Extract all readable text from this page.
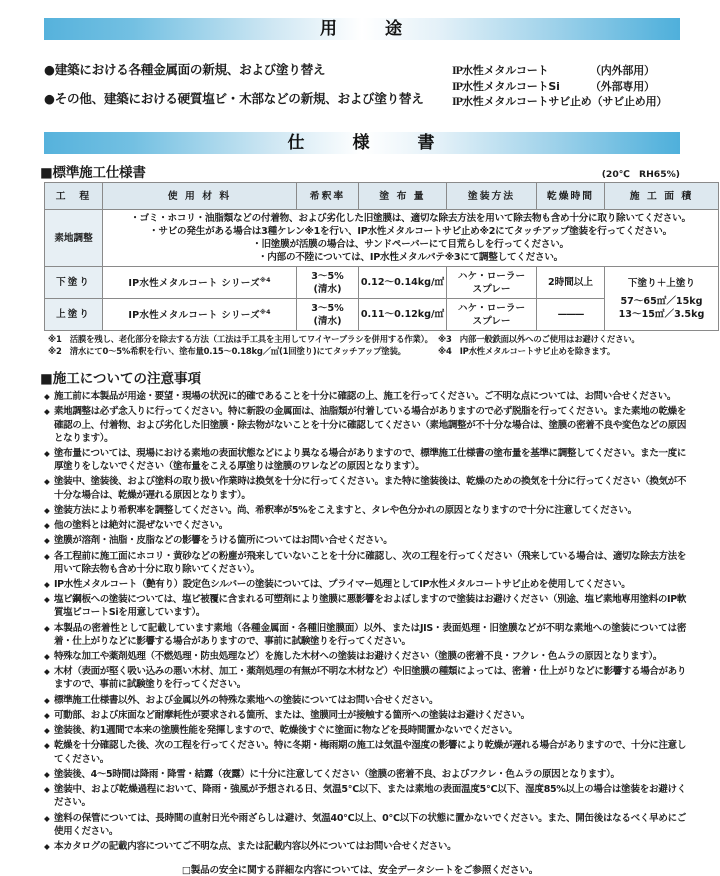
用	途
●建築における各種金属面の新規、および塗り替え
●その他、建築における硬質塩ビ・木部などの新規、および塗り替え
IP水性メタルコート	（内外部用）
IP水性メタルコートSi	（外部専用）
IP水性メタルコートサビ止め（サビ止め用）
仕	様	書
■標準施工仕様書	(20℃　RH65%)
工　程	使 用 材 料	希釈率	塗 布 量	塗装方法	乾燥時間	施 工 面 積
素地調整	・ゴミ・ホコリ・油脂類などの付着物、および劣化した旧塗膜は、適切な除去方法を用いて除去物も含め十分に取り除いてください。
・サビの発生がある場合は3種ケレン※1を行い、IP水性メタルコートサビ止め※2にてタッチアップ塗装を行ってください。
・旧塗膜が活膜の場合は、サンドペーパーにて目荒らしを行ってください。
・内部の不陸については、IP水性メタルパテ※3にて調整してください。					

下塗り	IP水性メタルコート シリーズ$^{※4}$	3～5%
(清水)	0.12～0.14kg/㎡	ハケ・ローラー
スプレー	2時間以上	下塗り＋上塗り
57～65㎡／15kg
13～15㎡／3.5kg

上塗り	IP水性メタルコート シリーズ$^{※4}$	3～5%
(清水)	0.11～0.12kg/㎡	ハケ・ローラー
スプレー	———	
※1　活膜を残し、老化部分を除去する方法（工法は手工具を主用してワイヤーブラシを併用する作業）。
※2　清水にて0～5%希釈を行い、塗布量0.15～0.18kg／㎡(1回塗り)にてタッチアップ塗装。
※3　内部一般鉄面以外へのご使用はお避けください。
※4　IP水性メタルコートサビ止めを除きます。
■施工についての注意事項
◆ 施工前に本製品が用途・要望・現場の状況に的確であることを十分に確認の上、施工を行ってください。ご不明な点については、お問い合せください。
◆ 素地調整は必ず念入りに行ってください。特に新設の金属面は、油脂類が付着している場合がありますので必ず脱脂を行ってください。また素地の乾燥を確認の上、付着物、および劣化した旧塗膜・除去物がないことを十分に確認してください（素地調整が不十分な場合は、塗膜の密着不良や変色などの原因となります）。
◆ 塗布量については、現場における素地の表面状態などにより異なる場合がありますので、標準施工仕様書の塗布量を基準に調整してください。また一度に厚塗りをしないでください（塗布量をこえる厚塗りは塗膜のワレなどの原因となります）。
◆ 塗装中、塗装後、および塗料の取り扱い作業時は換気を十分に行ってください。また特に塗装後は、乾燥のための換気を十分に行ってください（換気が不十分な場合は、乾燥が遅れる原因となります）。
◆ 塗装方法により希釈率を調整してください。尚、希釈率が5%をこえますと、タレや色分かれの原因となりますので十分に注意してください。
◆ 他の塗料とは絶対に混ぜないでください。
◆ 塗膜が溶剤・油脂・皮脂などの影響をうける箇所についてはお問い合せください。
◆ 各工程前に施工面にホコリ・黄砂などの粉塵が飛来していないことを十分に確認し、次の工程を行ってください（飛来している場合は、適切な除去方法を用いて除去物も含め十分に取り除いてください）。
◆ IP水性メタルコート（艶有り）設定色シルバーの塗装については、プライマー処理としてIP水性メタルコートサビ止めを使用してください。
◆ 塩ビ鋼板への塗装については、塩ビ被覆に含まれる可塑剤により塗膜に悪影響をおよぼしますので塗装はお避けください（別途、塩ビ素地専用塗料のIP軟質塩ビコートSiを用意しています）。
◆ 本製品の密着性として記載しています素地（各種金属面・各種旧塗膜面）以外、またはJIS・表面処理・旧塗膜などが不明な素地への塗装については密着・仕上がりなどに影響する場合がありますので、事前に試験塗りを行ってください。
◆ 特殊な加工や薬剤処理（不燃処理・防虫処理など）を施した木材への塗装はお避けください（塗膜の密着不良・フクレ・色ムラの原因となります）。
◆ 木材（表面が堅く吸い込みの悪い木材、加工・薬剤処理の有無が不明な木材など）や旧塗膜の種類によっては、密着・仕上がりなどに影響する場合がありますので、事前に試験塗りを行ってください。
◆ 標準施工仕様書以外、および金属以外の特殊な素地への塗装についてはお問い合せください。
◆ 可動部、および床面など耐摩耗性が要求される箇所、または、塗膜同士が接触する箇所への塗装はお避けください。
◆ 塗装後、約1週間で本来の塗膜性能を発揮しますので、乾燥後すぐに塗面に物などを長時間置かないでください。
◆ 乾燥を十分確認した後、次の工程を行ってください。特に冬期・梅雨期の施工は気温や湿度の影響により乾燥が遅れる場合がありますので、十分に注意してください。
◆ 塗装後、4～5時間は降雨・降雪・結露（夜露）に十分に注意してください（塗膜の密着不良、およびフクレ・色ムラの原因となります）。
◆ 塗装中、および乾燥過程において、降雨・強風が予想される日、気温5℃以下、または素地の表面温度5℃以下、湿度85%以上の場合は塗装をお避けください。
◆ 塗料の保管については、長時間の直射日光や雨ざらしは避け、気温40℃以上、0℃以下の状態に置かないでください。また、開缶後はなるべく早めにご使用ください。
◆ 本カタログの記載内容についてご不明な点、または記載内容以外についてはお問い合せください。
□製品の安全に関する詳細な内容については、安全データシートをご参照ください。
